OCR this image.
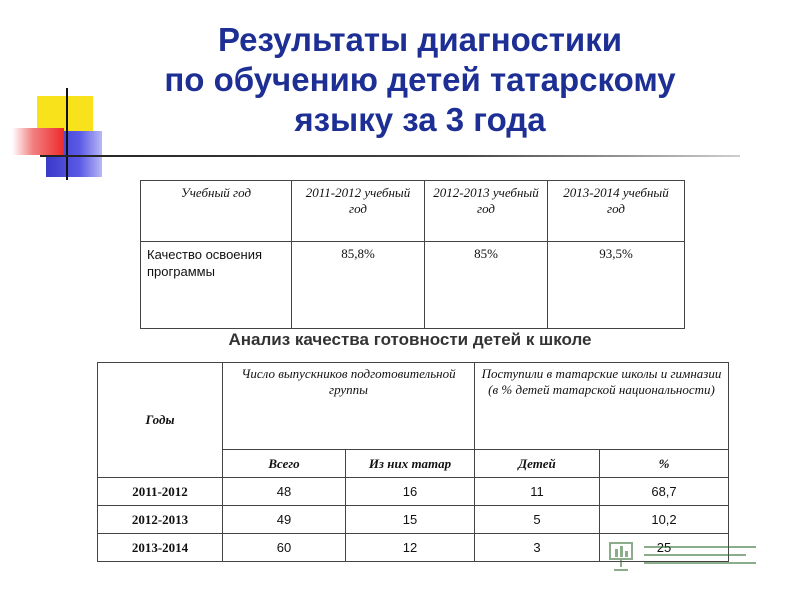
Результаты диагностики
по обучению детей татарскому
языку за 3 года
Учебный год	2011-2012 учебный год	2012-2013 учебный год	2013-2014 учебный год
Качество освоения программы	85,8%	85%	93,5%

Анализ качества готовности детей к школе

Годы	Число выпускников подготовительной группы		Поступили в татарские школы и гимназии (в % детей татарской национальности)	
	Всего	Из них татар	Детей	%
2011-2012	48	16	11	68,7
2012-2013	49	15	5	10,2
2013-2014	60	12	3	25
